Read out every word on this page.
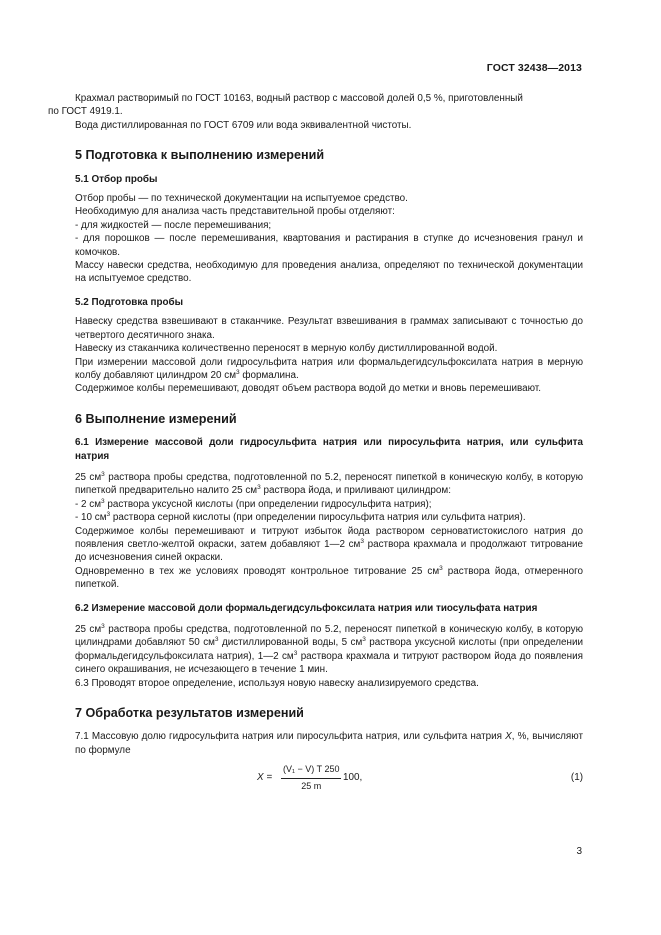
ГОСТ 32438—2013

Крахмал растворимый по ГОСТ 10163, водный раствор с массовой долей 0,5 %, приготовленный
по ГОСТ 4919.1.

Вода дистиллированная по ГОСТ 6709 или вода эквивалентной чистоты.

5 Подготовка к выполнению измерений
5.1 Отбор пробы

Отбор пробы — по технической документации на испытуемое средство.

Необходимую для анализа часть представительной пробы отделяют:

- для жидкостей — после перемешивания;

- для порошков — после перемешивания, квартования и растирания в ступке до исчезновения гранул и комочков.

Массу навески средства, необходимую для проведения анализа, определяют по технической документации на испытуемое средство.

5.2 Подготовка пробы

Навеску средства взвешивают в стаканчике. Результат взвешивания в граммах записывают с точностью до четвертого десятичного знака.

Навеску из стаканчика количественно переносят в мерную колбу дистиллированной водой.

При измерении массовой доли гидросульфита натрия или формальдегидсульфоксилата натрия в мерную колбу добавляют цилиндром 20 $см^3$ формалина.

Содержимое колбы перемешивают, доводят объем раствора водой до метки и вновь перемешивают.

6 Выполнение измерений
6.1 Измерение массовой доли гидросульфита натрия или пиросульфита натрия, или сульфита натрия

25 $см^3$ раствора пробы средства, подготовленной по 5.2, переносят пипеткой в коническую колбу, в которую пипеткой предварительно налито 25 $см^3$ раствора йода, и приливают цилиндром:

- 2 $см^3$ раствора уксусной кислоты (при определении гидросульфита натрия);

- 10 $см^3$ раствора серной кислоты (при определении пиросульфита натрия или сульфита натрия).

Содержимое колбы перемешивают и титруют избыток йода раствором серноватистокислого натрия до появления светло-желтой окраски, затем добавляют 1—2 $см^3$ раствора крахмала и продолжают титрование до исчезновения синей окраски.

Одновременно в тех же условиях проводят контрольное титрование 25 $см^3$ раствора йода, отмеренного пипеткой.

6.2 Измерение массовой доли формальдегидсульфоксилата натрия или тиосульфата натрия

25 $см^3$ раствора пробы средства, подготовленной по 5.2, переносят пипеткой в коническую колбу, в которую цилиндрами добавляют 50 $см^3$ дистиллированной воды, 5 $см^3$ раствора уксусной кислоты (при определении формальдегидсульфоксилата натрия), 1—2 $см^3$ раствора крахмала и титруют раствором йода до появления синего окрашивания, не исчезающего в течение 1 мин.

6.3 Проводят второе определение, используя новую навеску анализируемого средства.

7 Обработка результатов измерений

7.1 Массовую долю гидросульфита натрия или пиросульфита натрия, или сульфита натрия X, %, вычисляют по формуле

$X = \frac{\text{(V₁ − V) T 250}}{25 m} 100$,	(1)
3
